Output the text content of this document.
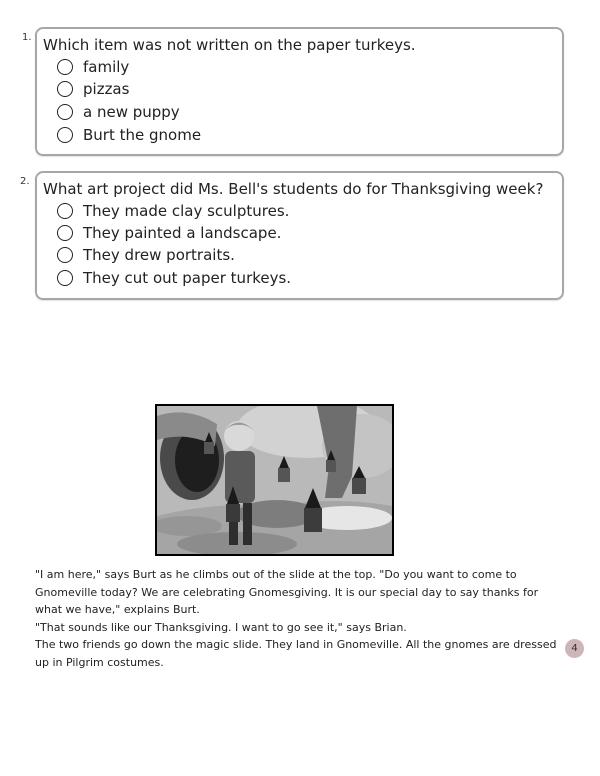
1. Which item was not written on the paper turkeys.
family
pizzas
a new puppy
Burt the gnome
2. What art project did Ms. Bell's students do for Thanksgiving week?
They made clay sculptures.
They painted a landscape.
They drew portraits.
They cut out paper turkeys.

"I am here," says Burt as he climbs out of the slide at the top. "Do you want to come to Gnomeville today? We are celebrating Gnomesgiving. It is our special day to say thanks for what we have," explains Burt.

"That sounds like our Thanksgiving. I want to go see it," says Brian.

The two friends go down the magic slide. They land in Gnomeville. All the gnomes are dressed up in Pilgrim costumes.

4
